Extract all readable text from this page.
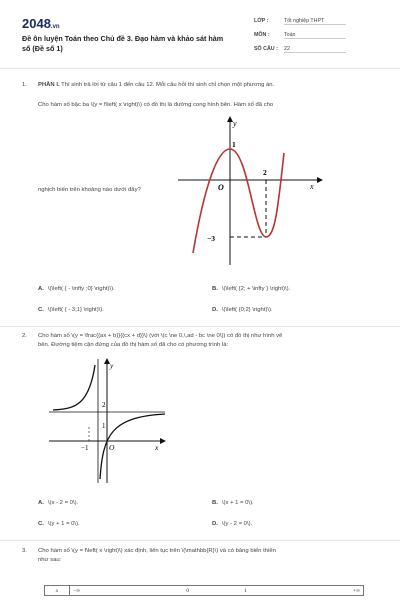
2048.vn
Đề ôn luyện Toán theo Chủ đề 3. Đạo hàm và khảo sát hàm
số (Đề số 1)
LỚP :	Tốt nghiệp THPT
MÔN :	Toán
SỐ CÂU : 22
1. PHẦN I. Thí sinh trả lời từ câu 1 đến câu 12. Mỗi câu hỏi thí sinh chỉ chọn một phương án.
Cho hàm số bậc ba \(y = f\left( x \right)\) có đồ thị là đường cong hình bên. Hàm số đã cho
y
x
O
1
2
−3
nghịch biến trên khoảng nào dưới đây?
A. \(\left( { - \infty ;0} \right)\).	B. \(\left( {2; + \infty } \right)\).
C. \(\left( { - 3;1} \right)\).	D. \(\left( {0;2} \right)\).
2. Cho hàm số \(y = \frac{{ax + b}}{{cx + d}}\) (với \(c \ne 0,\,ad - bc \ne 0\)) có đồ thị như hình vẽ
bên. Đường tiệm cận đứng của đồ thị hàm số đã cho có phương trình là:
y
x
O
2
1
−1
A. \(x - 2 = 0\).	B. \(x + 1 = 0\).
C. \(y + 1 = 0\).	D. \(y - 2 = 0\).
3. Cho hàm số \(y = f\left( x \right)\) xác định, liên tục trên \(\mathbb{R}\) và có bảng biến thiên
như sau:
x	−∞	0	1	+∞
